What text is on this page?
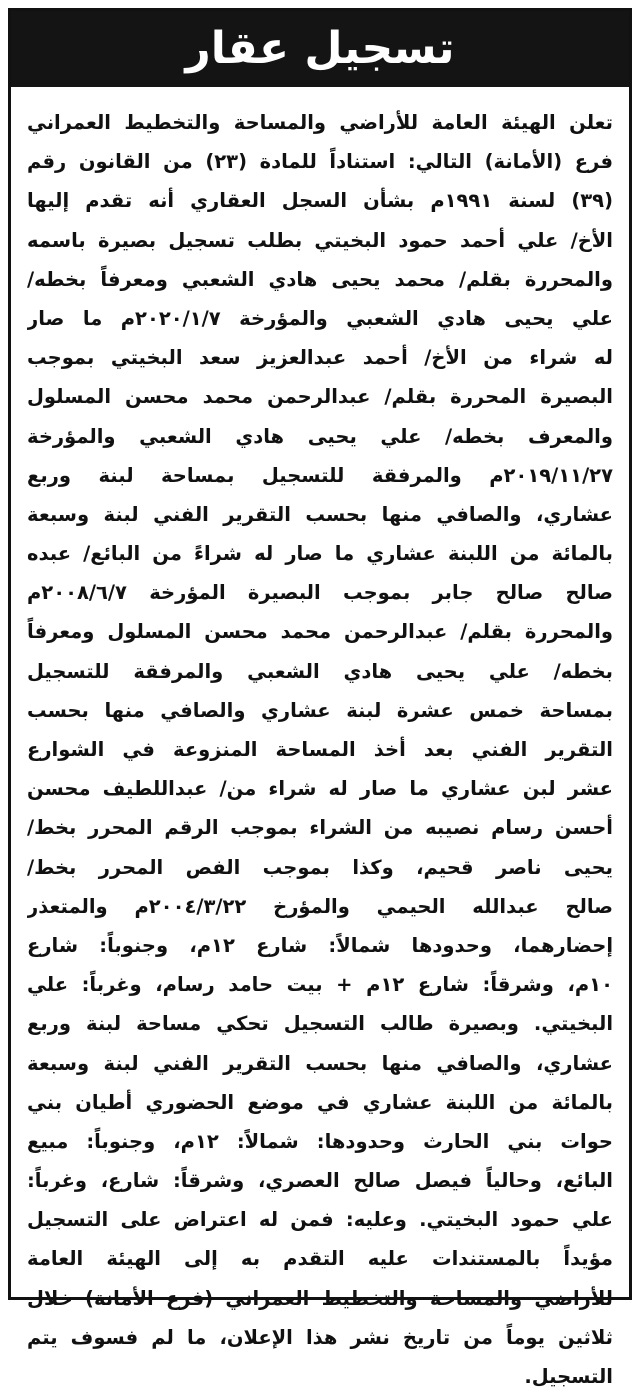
تسجيل عقار
تعلن الهيئة العامة للأراضي والمساحة والتخطيط العمراني
فرع (الأمانة) التالي: استناداً للمادة (٢٣) من القانون رقم
(٣٩) لسنة ١٩٩١م بشأن السجل العقاري أنه تقدم إليها
الأخ/ علي أحمد حمود البخيتي بطلب تسجيل بصيرة باسمه
والمحررة بقلم/ محمد يحيى هادي الشعبي ومعرفاً بخطه/
علي يحيى هادي الشعبي والمؤرخة ٢٠٢٠/١/٧م ما صار
له شراء من الأخ/ أحمد عبدالعزيز سعد البخيتي بموجب
البصيرة المحررة بقلم/ عبدالرحمن محمد محسن المسلول
والمعرف بخطه/ علي يحيى هادي الشعبي والمؤرخة
٢٠١٩/١١/٢٧م والمرفقة للتسجيل بمساحة لبنة وربع
عشاري، والصافي منها بحسب التقرير الفني لبنة وسبعة
بالمائة من اللبنة عشاري ما صار له شراءً من البائع/ عبده
صالح صالح جابر بموجب البصيرة المؤرخة ٢٠٠٨/٦/٧م
والمحررة بقلم/ عبدالرحمن محمد محسن المسلول ومعرفاً
بخطه/ علي يحيى هادي الشعبي والمرفقة للتسجيل
بمساحة خمس عشرة لبنة عشاري والصافي منها بحسب
التقرير الفني بعد أخذ المساحة المنزوعة في الشوارع
عشر لبن عشاري ما صار له شراء من/ عبداللطيف محسن
أحسن رسام نصيبه من الشراء بموجب الرقم المحرر بخط/
يحيى ناصر قحيم، وكذا بموجب الفص المحرر بخط/
صالح عبدالله الحيمي والمؤرخ ٢٠٠٤/٣/٢٢م والمتعذر
إحضارهما، وحدودها شمالاً: شارع ١٢م، وجنوباً: شارع
١٠م، وشرقاً: شارع ١٢م + بيت حامد رسام، وغرباً: علي
البخيتي. وبصيرة طالب التسجيل تحكي مساحة لبنة وربع
عشاري، والصافي منها بحسب التقرير الفني لبنة وسبعة
بالمائة من اللبنة عشاري في موضع الحضوري أطيان بني
حوات بني الحارث وحدودها: شمالاً: ١٢م، وجنوباً: مبيع
البائع، وحالياً فيصل صالح العصري، وشرقاً: شارع، وغرباً:
علي حمود البخيتي. وعليه: فمن له اعتراض على التسجيل
مؤيداً بالمستندات عليه التقدم به إلى الهيئة العامة
للأراضي والمساحة والتخطيط العمراني (فرع الأمانة) خلال
ثلاثين يوماً من تاريخ نشر هذا الإعلان، ما لم فسوف يتم
التسجيل.
